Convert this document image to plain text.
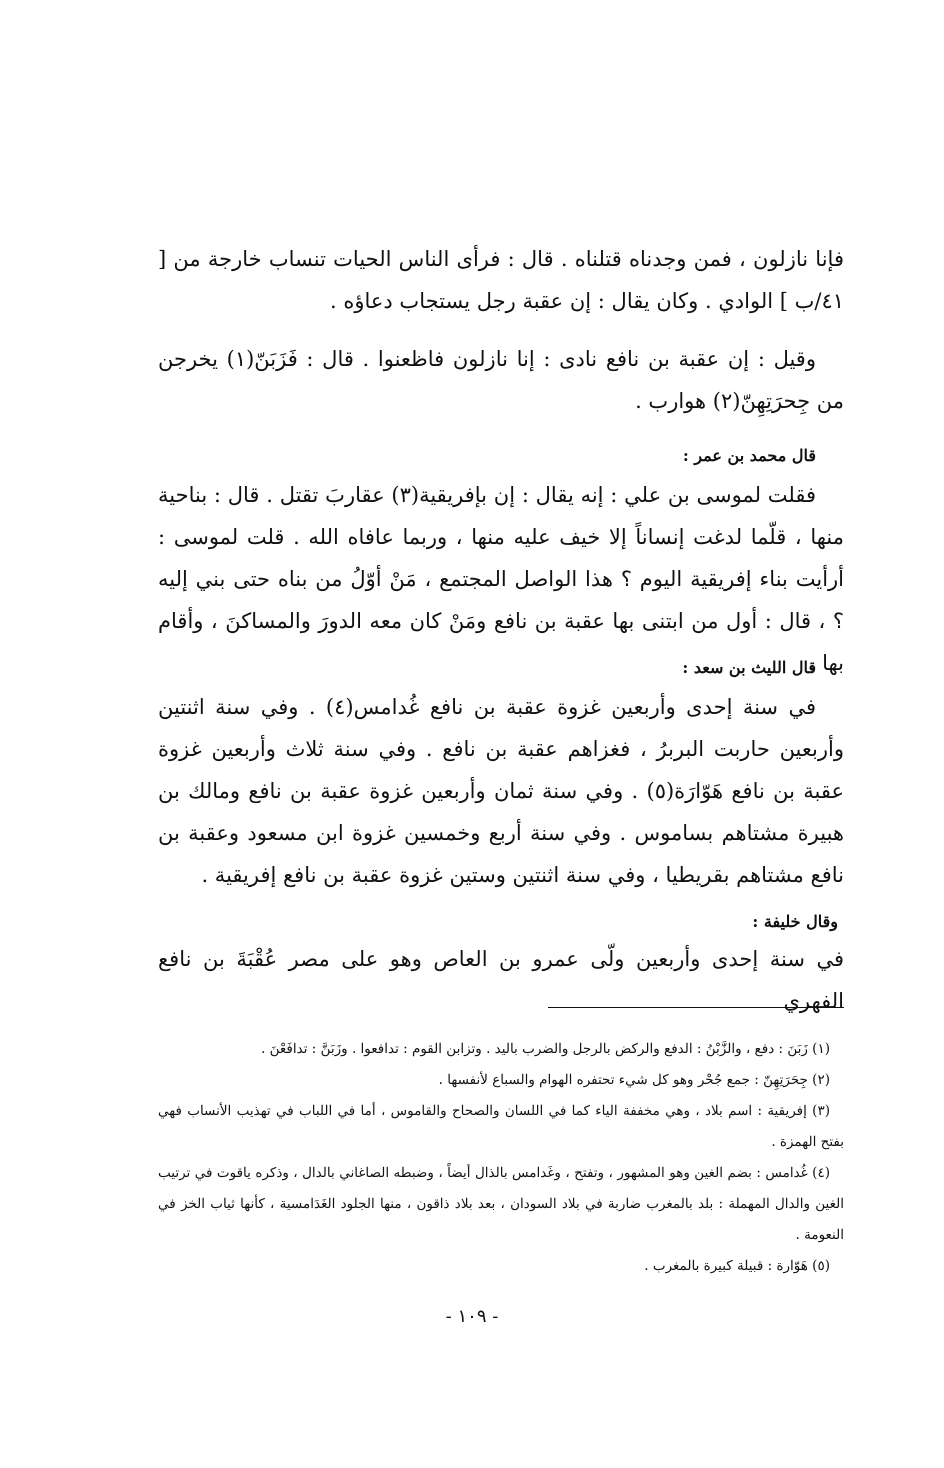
فإنا نازلون ، فمن وجدناه قتلناه . قال : فرأى الناس الحيات تنساب خارجة من [ ٤١/ب ] الوادي . وكان يقال : إن عقبة رجل يستجاب دعاؤه .
وقيل : إن عقبة بن نافع نادى : إنا نازلون فاظعنوا . قال : فَزَبَنّ(١) يخرجن من جِحرَتِهِنّ(٢) هوارب .
قال محمد بن عمر :
فقلت لموسى بن علي : إنه يقال : إن بإفريقية(٣) عقاربَ تقتل . قال : بناحية منها ، قلّما لدغت إنساناً إلا خيف عليه منها ، وربما عافاه الله . قلت لموسى : أرأيت بناء إفريقية اليوم ؟ هذا الواصل المجتمع ، مَنْ أوّلُ من بناه حتى بني إليه ؟ ، قال : أول من ابتنى بها عقبة بن نافع ومَنْ كان معه الدورَ والمساكنَ ، وأقام بها .
قال الليث بن سعد :
في سنة إحدى وأربعين غزوة عقبة بن نافع غُدامس(٤) . وفي سنة اثنتين وأربعين حاربت البربرُ ، فغزاهم عقبة بن نافع . وفي سنة ثلاث وأربعين غزوة عقبة بن نافع هَوّارَة(٥) . وفي سنة ثمان وأربعين غزوة عقبة بن نافع ومالك بن هبيرة مشتاهم بساموس . وفي سنة أربع وخمسين غزوة ابن مسعود وعقبة بن نافع مشتاهم بقريطيا ، وفي سنة اثنتين وستين غزوة عقبة بن نافع إفريقية .
وقال خليفة :
في سنة إحدى وأربعين ولّى عمرو بن العاص وهو على مصر عُقْبَةَ بن نافع الفهري

(١) زَبَنَ : دفع ، والزَّبْنُ : الدفع والركض بالرجل والضرب باليد . وتزابن القوم : تدافعوا . وزَبَنَّ : تدافَعْنَ .

(٢) جِحَرَتِهِنّ : جمع جُحْر وهو كل شيء تحتفره الهوام والسباع لأنفسها .

(٣) إفريقية : اسم بلاد ، وهي مخففة الياء كما في اللسان والصحاح والقاموس ، أما في اللباب في تهذيب الأنساب فهي بفتح الهمزة .

(٤) غُدامس : بضم الغين وهو المشهور ، وتفتح ، وغَدامس بالذال أيضاً ، وضبطه الصاغاني بالدال ، وذكره ياقوت في ترتيب الغين والدال المهملة : بلد بالمغرب ضاربة في بلاد السودان ، بعد بلاد ذاقون ، منها الجلود الغَدَامسية ، كأنها ثياب الخز في النعومة .

(٥) هَوّارة : قبيلة كبيرة بالمغرب .

- ١٠٩ -
